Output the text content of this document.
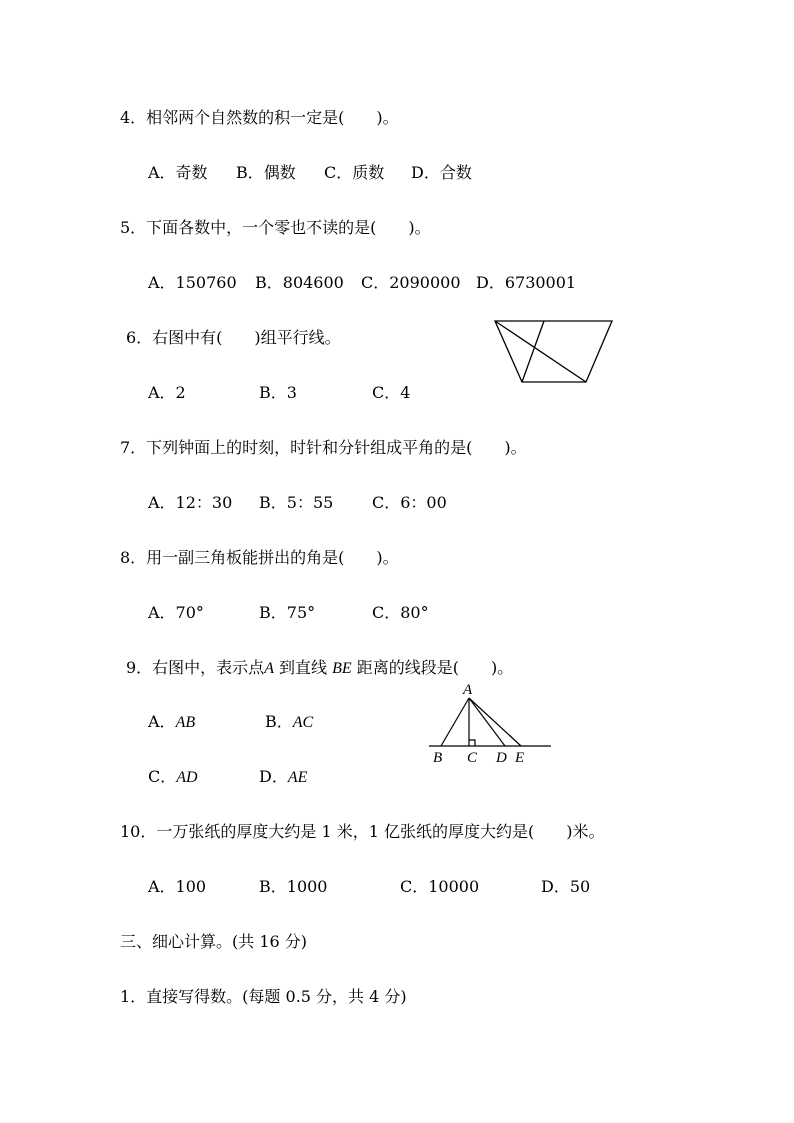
4．相邻两个自然数的积一定是(　　)。
A．奇数 B．偶数 C．质数 D．合数
5．下面各数中，一个零也不读的是(　　)。
A．150760 B．804600 C．2090000 D．6730001
6．右图中有(　　)组平行线。
A．2	B．3	C．4
7．下列钟面上的时刻，时针和分针组成平角的是(　　)。
A．12：30 B．5：55 C．6：00
8．用一副三角板能拼出的角是(　　)。
A．70°	B．75°	C．80°
9．右图中，表示点A 到直线 BE 距离的线段是(　　)。
A．AB	B．AC
C．AD	D．AE
A
B C D E
10．一万张纸的厚度大约是 1 米，1 亿张纸的厚度大约是(　　)米。
A．100	B．1000	C．10000	D．50
三、细心计算。(共 16 分)
1．直接写得数。(每题 0.5 分，共 4 分)
